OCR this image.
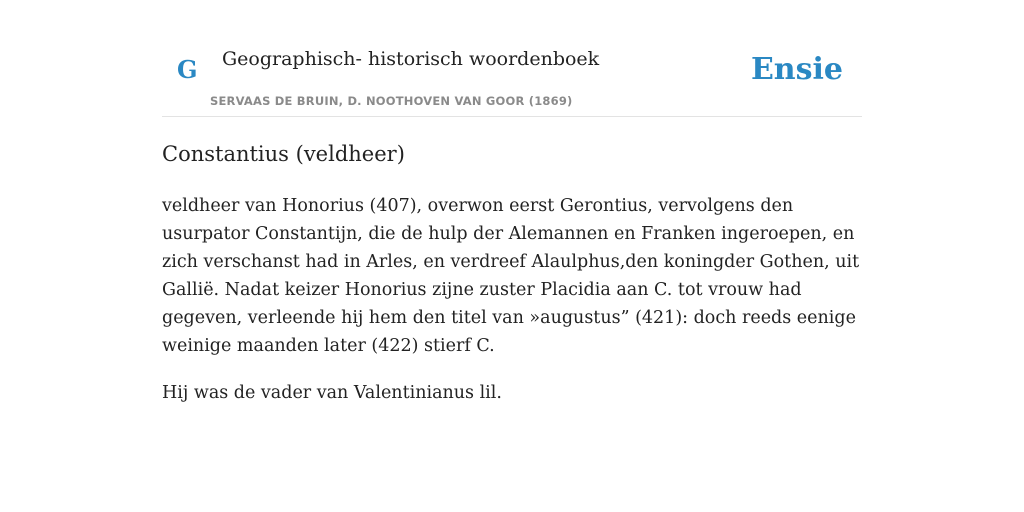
G Geographisch- historisch woordenboek
SERVAAS DE BRUIN, D. NOOTHOVEN VAN GOOR (1869)
Ensie
Constantius (veldheer)

veldheer van Honorius (407), overwon eerst Gerontius, vervolgens den usurpator Constantijn, die de hulp der Alemannen en Franken ingeroepen, en zich verschanst had in Arles, en verdreef Alaulphus,den koningder Gothen, uit Gallië. Nadat keizer Honorius zijne zuster Placidia aan C. tot vrouw had gegeven, verleende hij hem den titel van »augustus” (421): doch reeds eenige weinige maanden later (422) stierf C.

Hij was de vader van Valentinianus lil.
